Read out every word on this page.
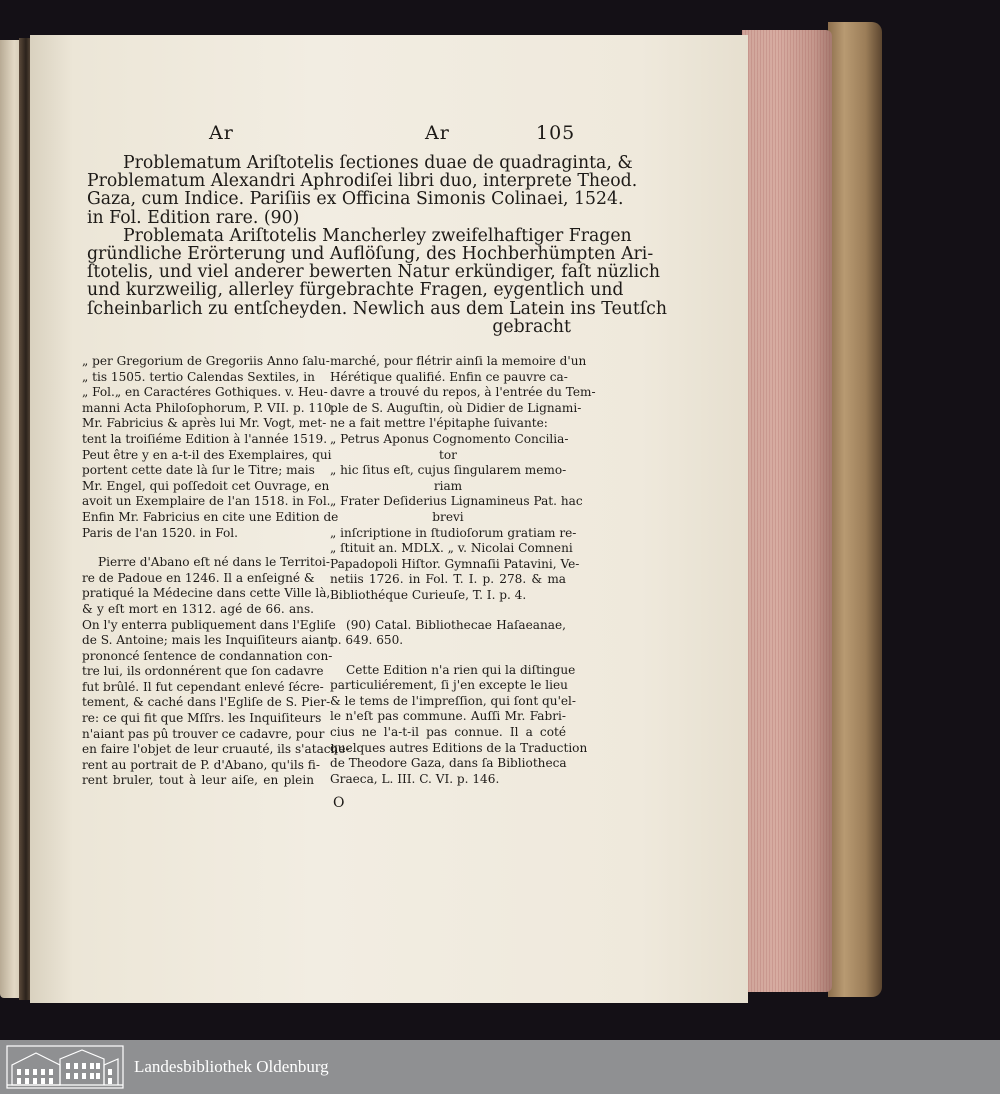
Ar	Ar	105
Problematum Ariſtotelis ſectiones duae de quadraginta, &
Problematum Alexandri Aphrodiſei libri duo, interprete Theod.
Gaza, cum Indice. Pariſiis ex Officina Simonis Colinaei, 1524.
in Fol. Edition rare. (90)
Problemata Ariſtotelis Mancherley zweifelhaftiger Fragen
gründliche Erörterung und Auflöſung, des Hochberhümpten Ari-
ſtotelis, und viel anderer bewerten Natur erkündiger, faſt nüzlich
und kurzweilig, allerley fürgebrachte Fragen, eygentlich und
ſcheinbarlich zu entſcheyden. Newlich aus dem Latein ins Teutſch
gebracht
„ per Gregorium de Gregoriis Anno ſalu-
„ tis 1505. tertio Calendas Sextiles, in
„ Fol.„ en Caractéres Gothiques. v. Heu-
manni Acta Philoſophorum, P. VII. p. 110.
Mr. Fabricius & après lui Mr. Vogt, met-
tent la troiſiéme Edition à l'année 1519.
Peut être y en a-t-il des Exemplaires, qui
portent cette date là ſur le Titre; mais
Mr. Engel, qui poſſedoit cet Ouvrage, en
avoit un Exemplaire de l'an 1518. in Fol.
Enfin Mr. Fabricius en cite une Edition de
Paris de l'an 1520. in Fol.
Pierre d'Abano eſt né dans le Territoi-
re de Padoue en 1246. Il a enſeigné &
pratiqué la Médecine dans cette Ville là,
& y eſt mort en 1312. agé de 66. ans.
On l'y enterra publiquement dans l'Egliſe
de S. Antoine; mais les Inquiſiteurs aiant
prononcé ſentence de condannation con-
tre lui, ils ordonnérent que ſon cadavre
fut brûlé. Il fut cependant enlevé ſécre-
tement, & caché dans l'Egliſe de S. Pier-
re: ce qui fit que Mſſrs. les Inquiſiteurs
n'aiant pas pû trouver ce cadavre, pour
en faire l'objet de leur cruauté, ils s'atache-
rent au portrait de P. d'Abano, qu'ils fi-
rent bruler, tout à leur aiſe, en plein
marché, pour flétrir ainſi la memoire d'un
Hérétique qualifié. Enfin ce pauvre ca-
davre a trouvé du repos, à l'entrée du Tem-
ple de S. Auguſtin, où Didier de Lignami-
ne a fait mettre l'épitaphe ſuivante:
„ Petrus Aponus Cognomento Concilia-
tor
„ hic ſitus eſt, cujus ſingularem memo-
riam
„ Frater Deſiderius Lignamineus Pat. hac
brevi
„ inſcriptione in ſtudioſorum gratiam re-
„ ſtituit an. MDLX. „ v. Nicolai Comneni
Papadopoli Hiſtor. Gymnaſii Patavini, Ve-
netiis 1726. in Fol. T. I. p. 278. & ma
Bibliothéque Curieuſe, T. I. p. 4.
(90) Catal. Bibliothecae Haſaeanae,
p. 649. 650.
Cette Edition n'a rien qui la diſtingue
particuliérement, ſi j'en excepte le lieu
& le tems de l'impreſſion, qui ſont qu'el-
le n'eſt pas commune. Auſſi Mr. Fabri-
cius ne l'a-t-il pas connue. Il a coté
quelques autres Editions de la Traduction
de Theodore Gaza, dans ſa Bibliotheca
Graeca, L. III. C. VI. p. 146.
O
Landesbibliothek Oldenburg
